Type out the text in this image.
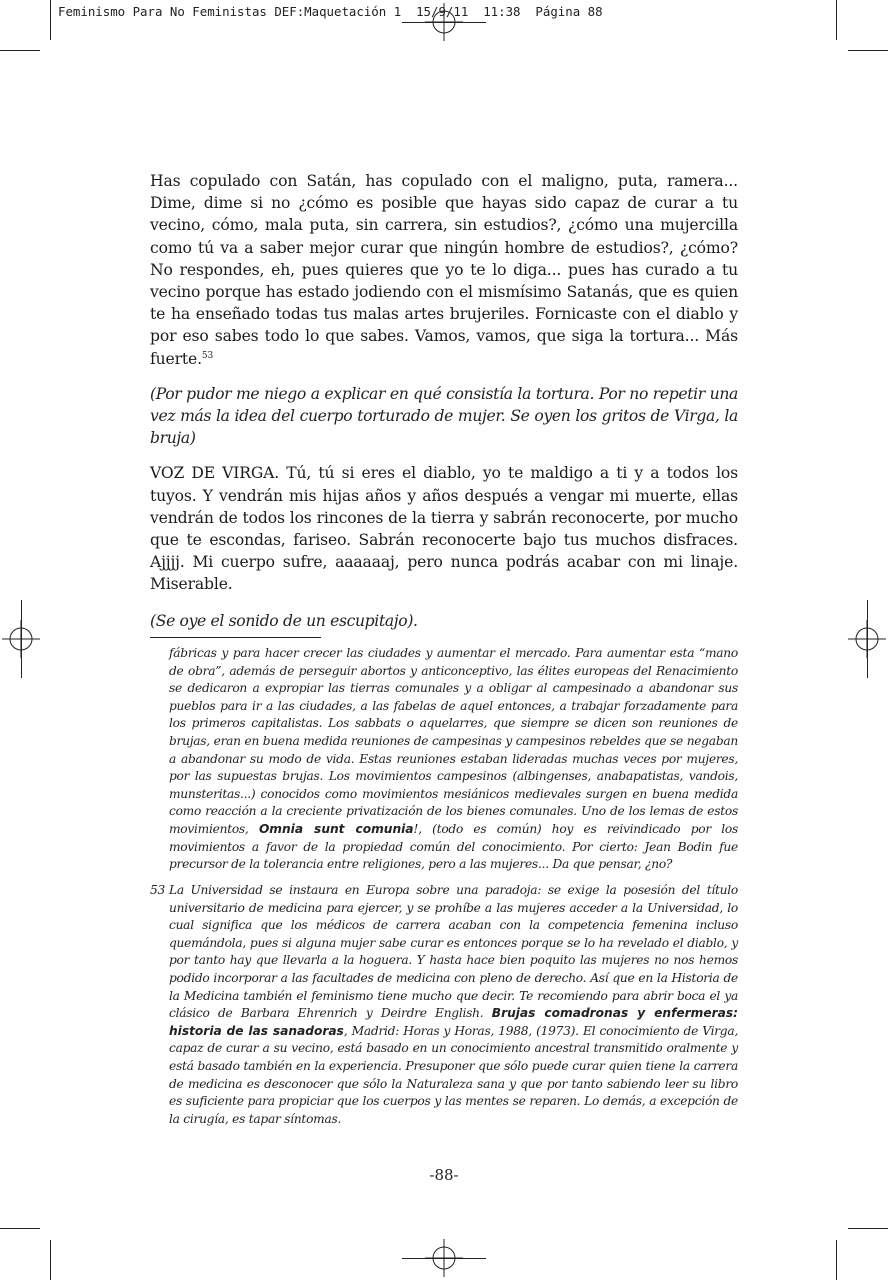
Feminismo Para No Feministas DEF:Maquetación 1  15/9/11  11:38  Página 88

Has copulado con Satán, has copulado con el maligno, puta, ramera... Dime, dime si no ¿cómo es posible que hayas sido capaz de curar a tu vecino, cómo, mala puta, sin carrera, sin estudios?, ¿cómo una mujercilla como tú va a saber mejor curar que ningún hombre de estudios?, ¿cómo? No respondes, eh, pues quieres que yo te lo diga... pues has curado a tu vecino porque has estado jodiendo con el mismísimo Satanás, que es quien te ha enseñado todas tus malas artes brujeriles. Fornicaste con el diablo y por eso sabes todo lo que sabes. Vamos, vamos, que siga la tortura... Más fuerte.$^{53}$

(Por pudor me niego a explicar en qué consistía la tortura. Por no repetir una vez más la idea del cuerpo torturado de mujer. Se oyen los gritos de Virga, la bruja)

VOZ DE VIRGA. Tú, tú si eres el diablo, yo te maldigo a ti y a todos los tuyos. Y vendrán mis hijas años y años después a vengar mi muerte, ellas vendrán de todos los rincones de la tierra y sabrán reconocerte, por mucho que te escondas, fariseo. Sabrán reconocerte bajo tus muchos disfraces. Ajjjj. Mi cuerpo sufre, aaaaaaj, pero nunca podrás acabar con mi linaje. Miserable.

(Se oye el sonido de un escupitajo).

fábricas y para hacer crecer las ciudades y aumentar el mercado. Para aumentar esta “mano de obra”, además de perseguir abortos y anticonceptivo, las élites europeas del Renacimiento se dedicaron a expropiar las tierras comunales y a obligar al campesinado a abandonar sus pueblos para ir a las ciudades, a las fabelas de aquel entonces, a trabajar forzadamente para los primeros capitalistas. Los sabbats o aquelarres, que siempre se dicen son reuniones de brujas, eran en buena medida reuniones de campesinas y campesinos rebeldes que se negaban a abandonar su modo de vida. Estas reuniones estaban lideradas muchas veces por mujeres, por las supuestas brujas. Los movimientos campesinos (albingenses, anabapatistas, vandois, munsteritas...) conocidos como movimientos mesiánicos medievales surgen en buena medida como reacción a la creciente privatización de los bienes comunales. Uno de los lemas de estos movimientos, Omnia sunt comunia!, (todo es común) hoy es reivindicado por los movimientos a favor de la propiedad común del conocimiento. Por cierto: Jean Bodin fue precursor de la tolerancia entre religiones, pero a las mujeres... Da que pensar, ¿no?
53 La Universidad se instaura en Europa sobre una paradoja: se exige la posesión del título universitario de medicina para ejercer, y se prohíbe a las mujeres acceder a la Universidad, lo cual significa que los médicos de carrera acaban con la competencia femenina incluso quemándola, pues si alguna mujer sabe curar es entonces porque se lo ha revelado el diablo, y por tanto hay que llevarla a la hoguera. Y hasta hace bien poquito las mujeres no nos hemos podido incorporar a las facultades de medicina con pleno de derecho. Así que en la Historia de la Medicina también el feminismo tiene mucho que decir. Te recomiendo para abrir boca el ya clásico de Barbara Ehrenrich y Deirdre English. Brujas comadronas y enfermeras: historia de las sanadoras, Madrid: Horas y Horas, 1988, (1973). El conocimiento de Virga, capaz de curar a su vecino, está basado en un conocimiento ancestral transmitido oralmente y está basado también en la experiencia. Presuponer que sólo puede curar quien tiene la carrera de medicina es desconocer que sólo la Naturaleza sana y que por tanto sabiendo leer su libro es suficiente para propiciar que los cuerpos y las mentes se reparen. Lo demás, a excepción de la cirugía, es tapar síntomas.
-88-
